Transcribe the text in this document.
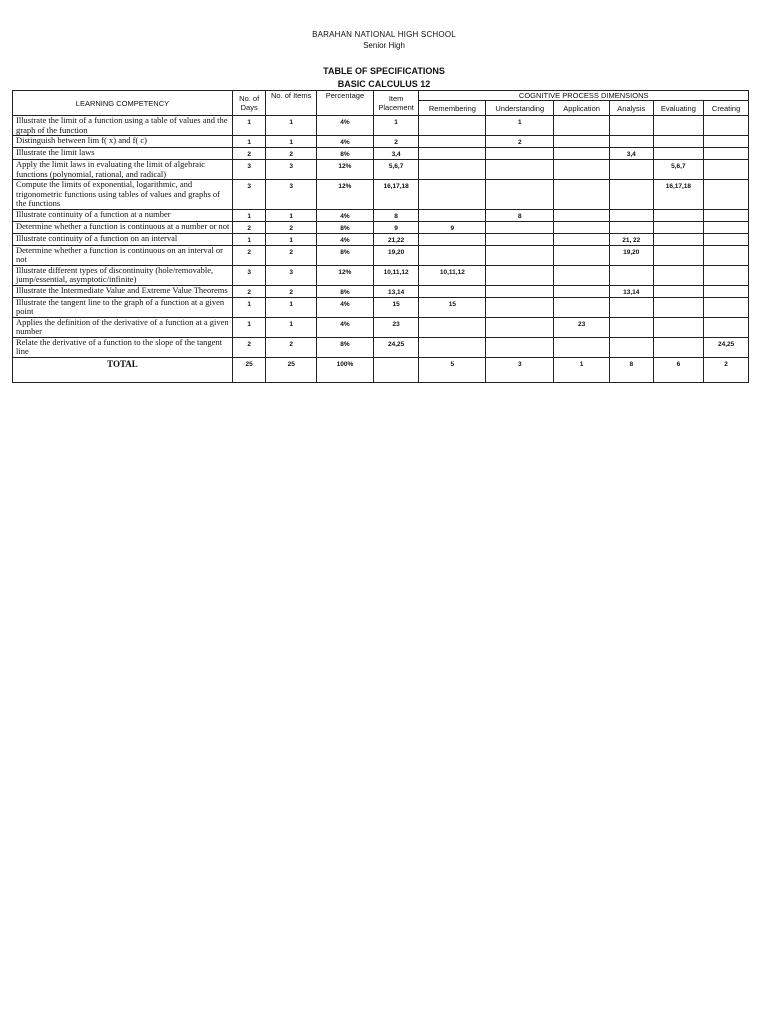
BARAHAN NATIONAL HIGH SCHOOL
Senior High
TABLE OF SPECIFICATIONS
BASIC CALCULUS 12
LEARNING COMPETENCY	No. of Days	No. of Items	Percentage	Item Placement	COGNITIVE PROCESS DIMENSIONS					
					Remembering	Understanding	Application	Analysis	Evaluating	Creating
Illustrate the limit of a function using a table of values and the graph of the function	1	1	4%	1		1				
Distinguish between lim f( x) and f( c)	1	1	4%	2		2				
Illustrate the limit laws	2	2	8%	3,4				3,4		
Apply the limit laws in evaluating the limit of algebraic functions (polynomial, rational, and radical)	3	3	12%	5,6,7					5,6,7	
Compute the limits of exponential, logarithmic, and trigonometric functions using tables of values and graphs of the functions	3	3	12%	16,17,18					16,17,18	
Illustrate continuity of a function at a number	1	1	4%	8		8				
Determine whether a function is continuous at a number or not	2	2	8%	9	9					
Illustrate continuity of a function on an interval	1	1	4%	21,22				21, 22		
Determine whether a function is continuous on an interval or not	2	2	8%	19,20				19,20		
Illustrate different types of discontinuity (hole/removable, jump/essential, asymptotic/infinite)	3	3	12%	10,11,12	10,11,12					
Illustrate the Intermediate Value and Extreme Value Theorems	2	2	8%	13,14				13,14		
Illustrate the tangent line to the graph of a function at a given point	1	1	4%	15	15					
Applies the definition of the derivative of a function at a given number	1	1	4%	23			23			
Relate the derivative of a function to the slope of the tangent line	2	2	8%	24,25						24,25
TOTAL	25	25	100%		5	3	1	8	6	2
